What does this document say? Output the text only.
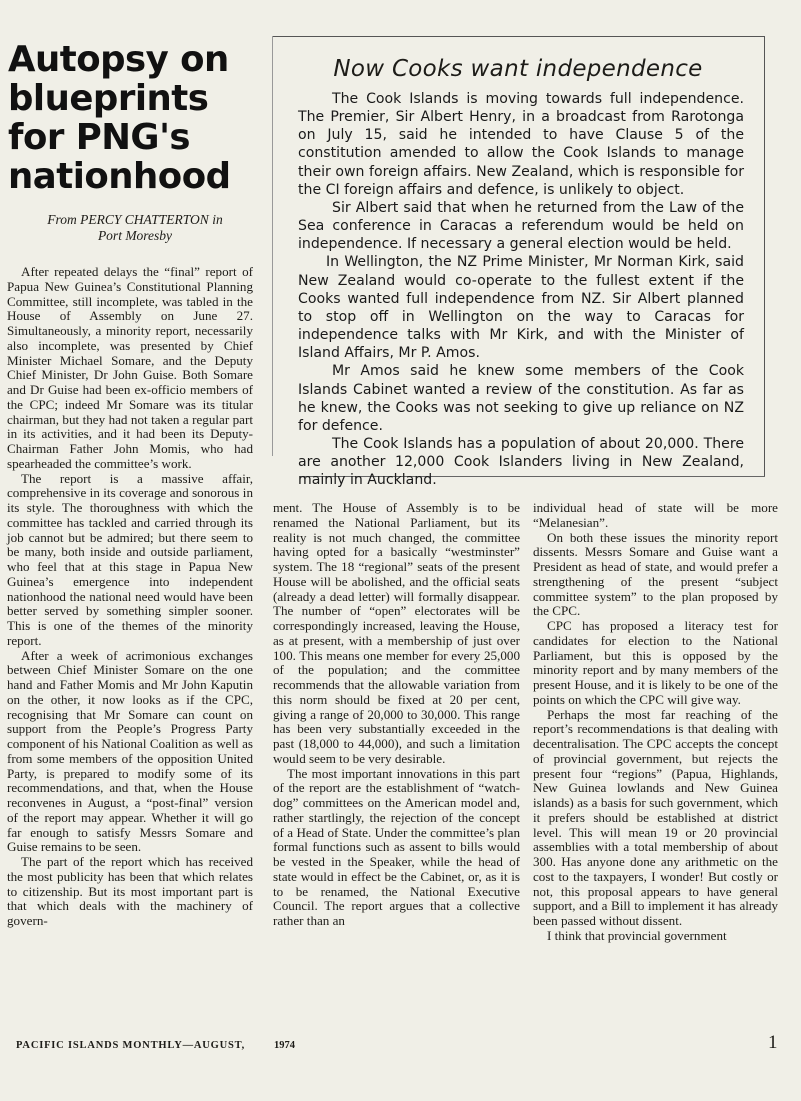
Autopsy on blueprints for PNG's nationhood
From PERCY CHATTERTON in
Port Moresby

After repeated delays the “final” report of Papua New Guinea’s Constitutional Planning Committee, still incomplete, was tabled in the House of Assembly on June 27. Simultaneously, a minority report, necessarily also incomplete, was presented by Chief Minister Michael Somare, and the Deputy Chief Minister, Dr John Guise. Both Somare and Dr Guise had been ex-officio members of the CPC; indeed Mr Somare was its titular chairman, but they had not taken a regular part in its activities, and it had been its Deputy-Chairman Father John Momis, who had spearheaded the committee’s work.

The report is a massive affair, comprehensive in its coverage and sonorous in its style. The thoroughness with which the committee has tackled and carried through its job cannot but be admired; but there seem to be many, both inside and outside parliament, who feel that at this stage in Papua New Guinea’s emergence into independent nationhood the national need would have been better served by something simpler sooner. This is one of the themes of the minority report.

After a week of acrimonious exchanges between Chief Minister Somare on the one hand and Father Momis and Mr John Kaputin on the other, it now looks as if the CPC, recognising that Mr Somare can count on support from the People’s Progress Party component of his National Coalition as well as from some members of the opposition United Party, is prepared to modify some of its recommendations, and that, when the House reconvenes in August, a “post-final” version of the report may appear. Whether it will go far enough to satisfy Messrs Somare and Guise remains to be seen.

The part of the report which has received the most publicity has been that which relates to citizenship. But its most important part is that which deals with the machinery of govern-

ment. The House of Assembly is to be renamed the National Parliament, but its reality is not much changed, the committee having opted for a basically “westminster” system. The 18 “regional” seats of the present House will be abolished, and the official seats (already a dead letter) will formally disappear. The number of “open” electorates will be correspondingly increased, leaving the House, as at present, with a membership of just over 100. This means one member for every 25,000 of the population; and the committee recommends that the allowable variation from this norm should be fixed at 20 per cent, giving a range of 20,000 to 30,000. This range has been very substantially exceeded in the past (18,000 to 44,000), and such a limitation would seem to be very desirable.

The most important innovations in this part of the report are the establishment of “watch-dog” committees on the American model and, rather startlingly, the rejection of the concept of a Head of State. Under the committee’s plan formal functions such as assent to bills would be vested in the Speaker, while the head of state would in effect be the Cabinet, or, as it is to be renamed, the National Executive Council. The report argues that a collective rather than an

individual head of state will be more “Melanesian”.

On both these issues the minority report dissents. Messrs Somare and Guise want a President as head of state, and would prefer a strengthening of the present “subject committee system” to the plan proposed by the CPC.

CPC has proposed a literacy test for candidates for election to the National Parliament, but this is opposed by the minority report and by many members of the present House, and it is likely to be one of the points on which the CPC will give way.

Perhaps the most far reaching of the report’s recommendations is that dealing with decentralisation. The CPC accepts the concept of provincial government, but rejects the present four “regions” (Papua, Highlands, New Guinea lowlands and New Guinea islands) as a basis for such government, which it prefers should be established at district level. This will mean 19 or 20 provincial assemblies with a total membership of about 300. Has anyone done any arithmetic on the cost to the taxpayers, I wonder! But costly or not, this proposal appears to have general support, and a Bill to implement it has already been passed without dissent.

I think that provincial government

Now Cooks want independence

The Cook Islands is moving towards full independence. The Premier, Sir Albert Henry, in a broadcast from Rarotonga on July 15, said he intended to have Clause 5 of the constitution amended to allow the Cook Islands to manage their own foreign affairs. New Zealand, which is responsible for the CI foreign affairs and defence, is unlikely to object.

Sir Albert said that when he returned from the Law of the Sea conference in Caracas a referendum would be held on independence. If necessary a general election would be held.

In Wellington, the NZ Prime Minister, Mr Norman Kirk, said New Zealand would co-operate to the fullest extent if the Cooks wanted full independence from NZ. Sir Albert planned to stop off in Wellington on the way to Caracas for independence talks with Mr Kirk, and with the Minister of Island Affairs, Mr P. Amos.

Mr Amos said he knew some members of the Cook Islands Cabinet wanted a review of the constitution. As far as he knew, the Cooks was not seeking to give up reliance on NZ for defence.

The Cook Islands has a population of about 20,000. There are another 12,000 Cook Islanders living in New Zealand, mainly in Auckland.

PACIFIC ISLANDS MONTHLY—AUGUST,	1974	1
